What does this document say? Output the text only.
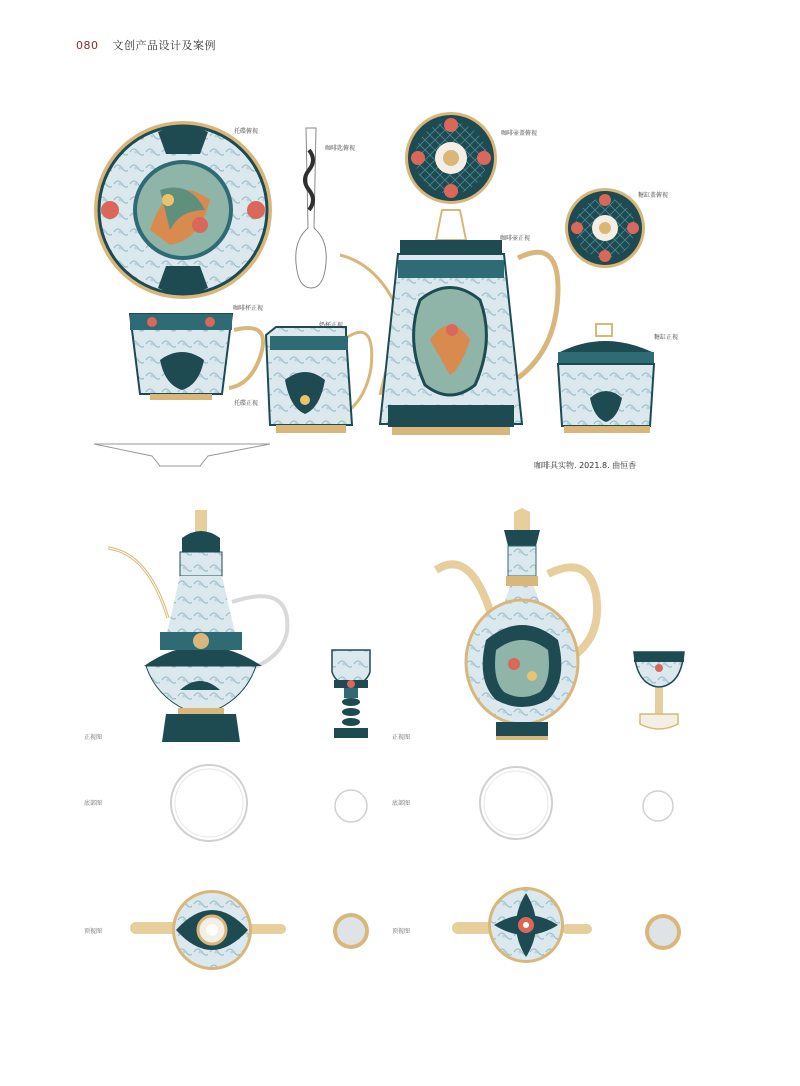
080 文创产品设计及案例
托碟俯视
咖啡匙俯视
咖啡壶盖俯视
糖缸盖俯视
咖啡壶正视
咖啡杯正视
奶杯正视
糖缸正视
托碟正视
咖啡具实物. 2021.8. 曲恒香
正视图
底部图
顶视图
正视图
底部图
顶视图
